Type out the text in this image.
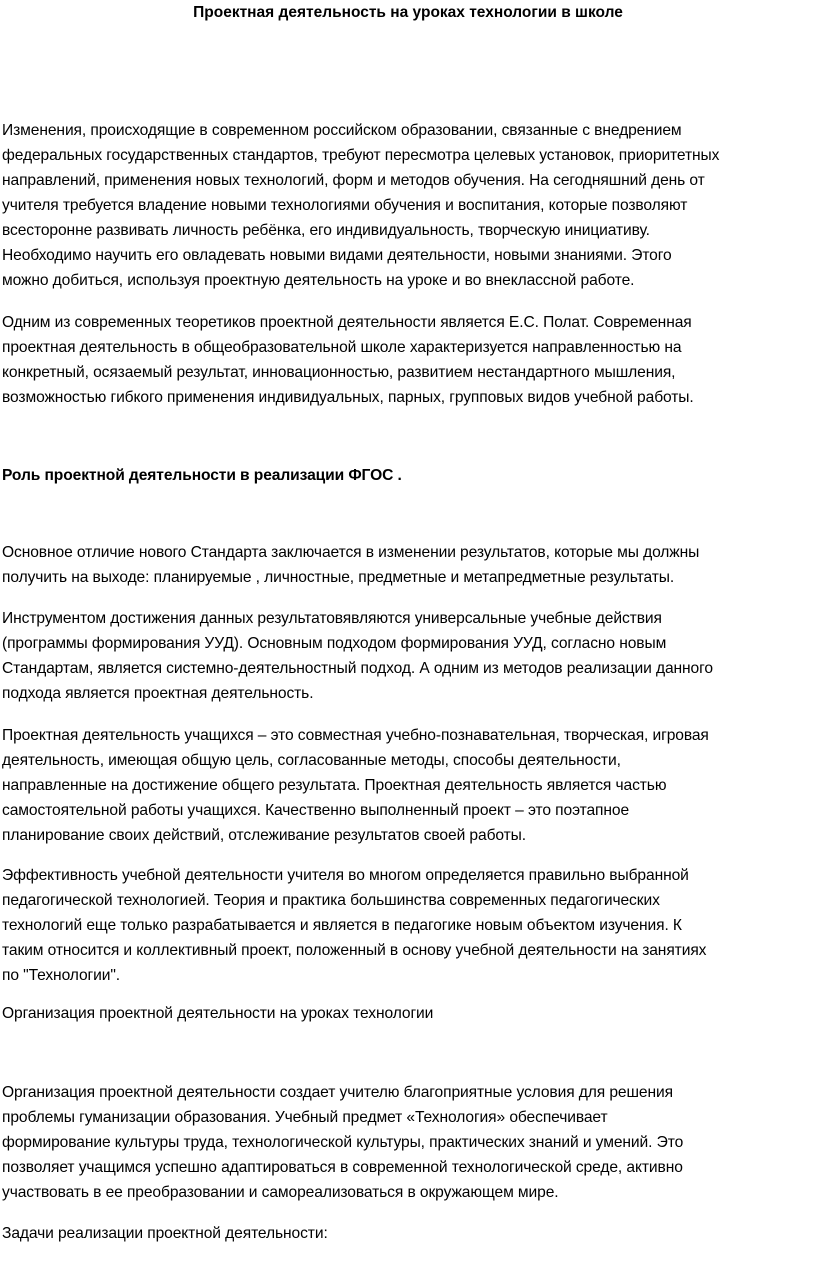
Проектная деятельность на уроках технологии в школе
Изменения, происходящие в современном российском образовании, связанные с внедрением
федеральных государственных стандартов, требуют пересмотра целевых установок, приоритетных
направлений, применения новых технологий, форм и методов обучения. На сегодняшний день от
учителя требуется владение новыми технологиями обучения и воспитания, которые позволяют
всесторонне развивать личность ребёнка, его индивидуальность, творческую инициативу.
Необходимо научить его овладевать новыми видами деятельности, новыми знаниями. Этого
можно добиться, используя проектную деятельность на уроке и во внеклассной работе.
Одним из современных теоретиков проектной деятельности является Е.С. Полат. Современная
проектная деятельность в общеобразовательной школе характеризуется направленностью на
конкретный, осязаемый результат, инновационностью, развитием нестандартного мышления,
возможностью гибкого применения индивидуальных, парных, групповых видов учебной работы.
Роль проектной деятельности в реализации ФГОС .
Основное отличие нового Стандарта заключается в изменении результатов, которые мы должны
получить на выходе: планируемые , личностные, предметные и метапредметные результаты.
Инструментом достижения данных результатовявляются универсальные учебные действия
(программы формирования УУД). Основным подходом формирования УУД, согласно новым
Стандартам, является системно-деятельностный подход. А одним из методов реализации данного
подхода является проектная деятельность.
Проектная деятельность учащихся – это совместная учебно-познавательная, творческая, игровая
деятельность, имеющая общую цель, согласованные методы, способы деятельности,
направленные на достижение общего результата. Проектная деятельность является частью
самостоятельной работы учащихся. Качественно выполненный проект – это поэтапное
планирование своих действий, отслеживание результатов своей работы.
Эффективность учебной деятельности учителя во многом определяется правильно выбранной
педагогической технологией. Теория и практика большинства современных педагогических
технологий еще только разрабатывается и является в педагогике новым объектом изучения. К
таким относится и коллективный проект, положенный в основу учебной деятельности на занятиях
по "Технологии".
Организация проектной деятельности на уроках технологии
Организация проектной деятельности создает учителю благоприятные условия для решения
проблемы гуманизации образования. Учебный предмет «Технология» обеспечивает
формирование культуры труда, технологической культуры, практических знаний и умений. Это
позволяет учащимся успешно адаптироваться в современной технологической среде, активно
участвовать в ее преобразовании и самореализоваться в окружающем мире.
Задачи реализации проектной деятельности:
